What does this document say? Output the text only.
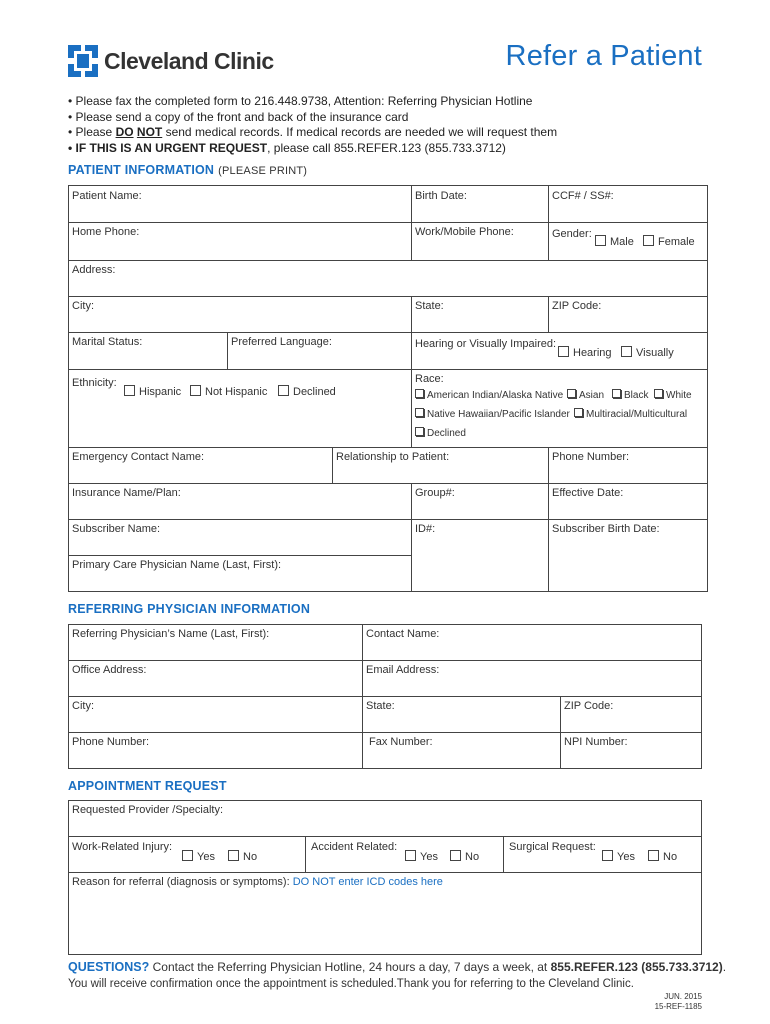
Cleveland Clinic	Refer a Patient
• Please fax the completed form to 216.448.9738, Attention: Referring Physician Hotline
• Please send a copy of the front and back of the insurance card
• Please DO NOT send medical records. If medical records are needed we will request them
• IF THIS IS AN URGENT REQUEST, please call 855.REFER.123 (855.733.3712)
PATIENT INFORMATION (PLEASE PRINT)
Patient Name:	Birth Date:	CCF# / SS#:
Home Phone:	Work/Mobile Phone:	Gender:
Male	Female
Address:
City:	State:	ZIP Code:
Marital Status:	Preferred Language:	Hearing or Visually Impaired:
Hearing	Visually
Ethnicity:
Hispanic	Not Hispanic	Declined
Race:
American Indian/Alaska Native	Asian	Black	White
Native Hawaiian/Pacific Islander	Multiracial/Multicultural
Declined
Emergency Contact Name:	Relationship to Patient:	Phone Number:
Insurance Name/Plan:	Group#:	Effective Date:
Subscriber Name:	ID#:	Subscriber Birth Date:
Primary Care Physician Name (Last, First):
REFERRING PHYSICIAN INFORMATION
Referring Physician’s Name (Last, First):	Contact Name:
Office Address:	Email Address:
City:	State:	ZIP Code:
Phone Number:	Fax Number:	NPI Number:
APPOINTMENT REQUEST
Requested Provider /Specialty:
Work-Related Injury:
Yes	No
Accident Related:
Yes	No
Surgical Request:
Yes	No
Reason for referral (diagnosis or symptoms): DO NOT enter ICD codes here
QUESTIONS? Contact the Referring Physician Hotline, 24 hours a day, 7 days a week, at 855.REFER.123 (855.733.3712).
You will receive confirmation once the appointment is scheduled.Thank you for referring to the Cleveland Clinic.
JUN. 2015
15-REF-1185
